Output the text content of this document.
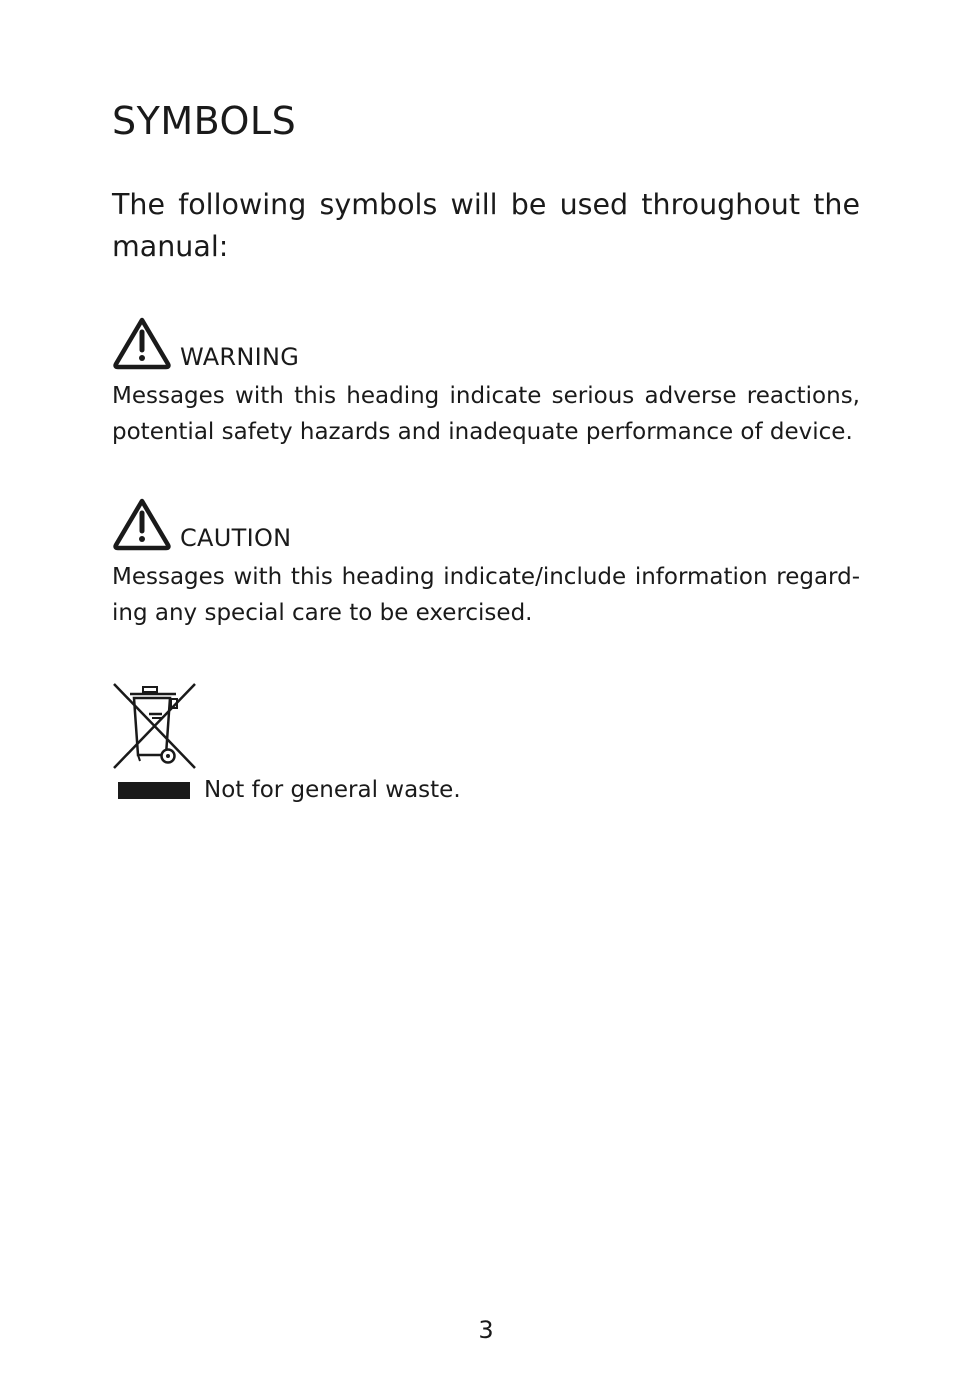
SYMBOLS

The following symbols will be used throughout the manual:

WARNING

Messages with this heading indicate serious adverse reactions, potential safety hazards and inadequate performance of device.

CAUTION

Messages with this heading indicate/include information regard-ing any special care to be exercised.

Not for general waste.
3
